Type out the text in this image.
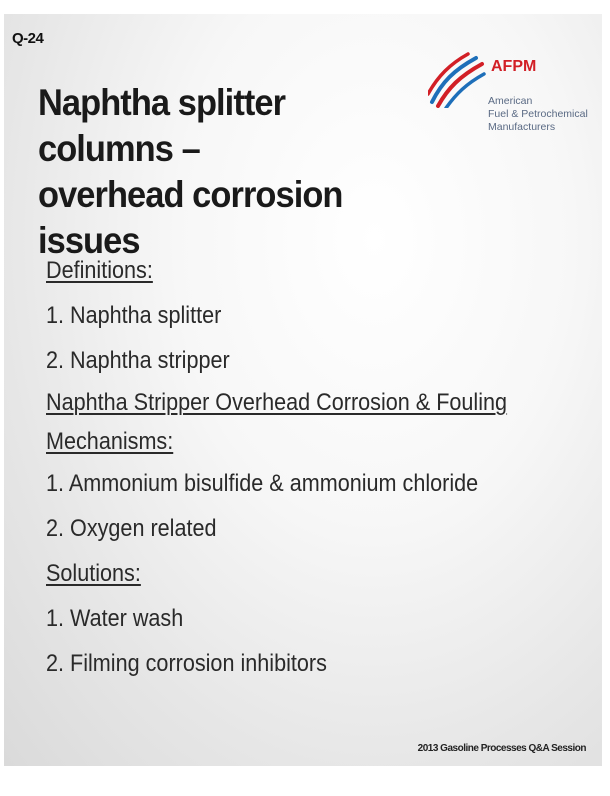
Q-24
Naphtha splitter columns –
overhead corrosion issues
AFPM
American
Fuel & Petrochemical
Manufacturers
Definitions:
1. Naphtha splitter
2. Naphtha stripper
Naphtha Stripper Overhead Corrosion & Fouling
Mechanisms:
1. Ammonium bisulfide & ammonium chloride
2. Oxygen related
Solutions:
1. Water wash
2. Filming corrosion inhibitors
2013 Gasoline Processes Q&A Session
